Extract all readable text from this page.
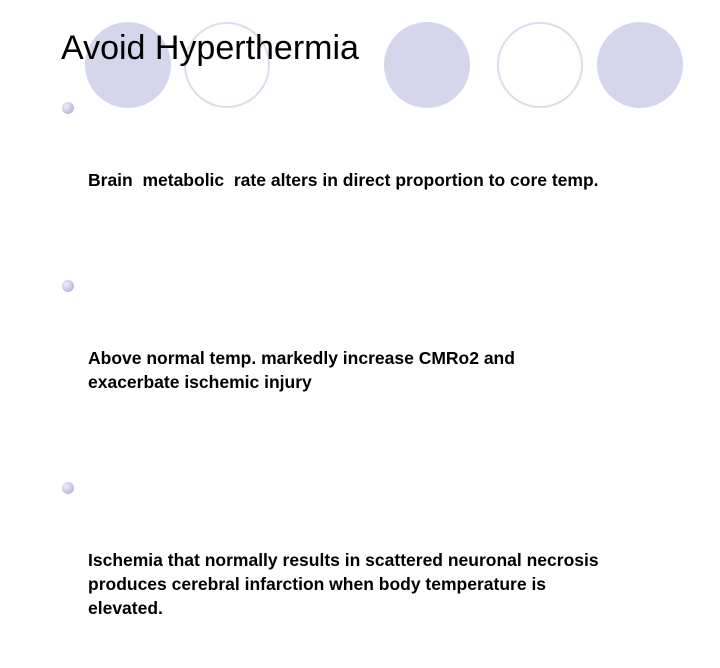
Avoid Hyperthermia

Brain  metabolic  rate alters in direct proportion to core temp.

Above normal temp. markedly increase CMRo2 and
exacerbate ischemic injury

Ischemia that normally results in scattered neuronal necrosis
produces cerebral infarction when body temperature is
elevated.
